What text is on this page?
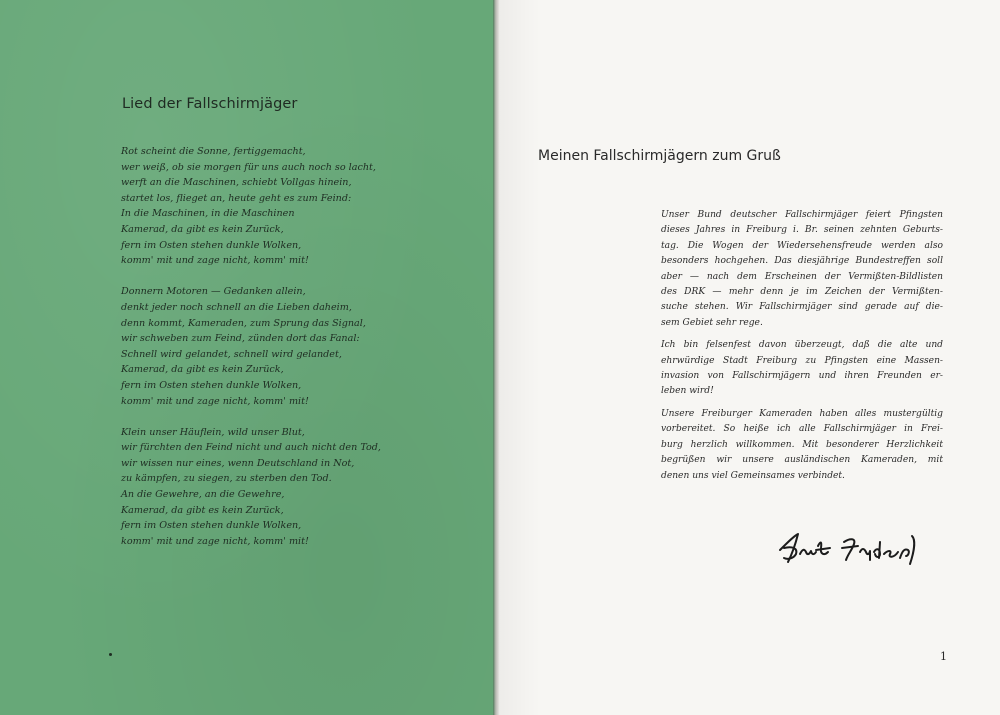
Lied der Fallschirmjäger
Rot scheint die Sonne, fertiggemacht,
wer weiß, ob sie morgen für uns auch noch so lacht,
werft an die Maschinen, schiebt Vollgas hinein,
startet los, flieget an, heute geht es zum Feind:
In die Maschinen, in die Maschinen
Kamerad, da gibt es kein Zurück,
fern im Osten stehen dunkle Wolken,
komm' mit und zage nicht, komm' mit!
Donnern Motoren — Gedanken allein,
denkt jeder noch schnell an die Lieben daheim,
denn kommt, Kameraden, zum Sprung das Signal,
wir schweben zum Feind, zünden dort das Fanal:
Schnell wird gelandet, schnell wird gelandet,
Kamerad, da gibt es kein Zurück,
fern im Osten stehen dunkle Wolken,
komm' mit und zage nicht, komm' mit!
Klein unser Häuflein, wild unser Blut,
wir fürchten den Feind nicht und auch nicht den Tod,
wir wissen nur eines, wenn Deutschland in Not,
zu kämpfen, zu siegen, zu sterben den Tod.
An die Gewehre, an die Gewehre,
Kamerad, da gibt es kein Zurück,
fern im Osten stehen dunkle Wolken,
komm' mit und zage nicht, komm' mit!
Meinen Fallschirmjägern zum Gruß
Unser Bund deutscher Fallschirmjäger feiert Pfingsten
dieses Jahres in Freiburg i. Br. seinen zehnten Geburts-
tag. Die Wogen der Wiedersehensfreude werden also
besonders hochgehen. Das diesjährige Bundestreffen soll
aber — nach dem Erscheinen der Vermißten-Bildlisten
des DRK — mehr denn je im Zeichen der Vermißten-
suche stehen. Wir Fallschirmjäger sind gerade auf die-
sem Gebiet sehr rege.
Ich bin felsenfest davon überzeugt, daß die alte und
ehrwürdige Stadt Freiburg zu Pfingsten eine Massen-
invasion von Fallschirmjägern und ihren Freunden er-
leben wird!
Unsere Freiburger Kameraden haben alles mustergültig
vorbereitet. So heiße ich alle Fallschirmjäger in Frei-
burg herzlich willkommen. Mit besonderer Herzlichkeit
begrüßen wir unsere ausländischen Kameraden, mit
denen uns viel Gemeinsames verbindet.
1
